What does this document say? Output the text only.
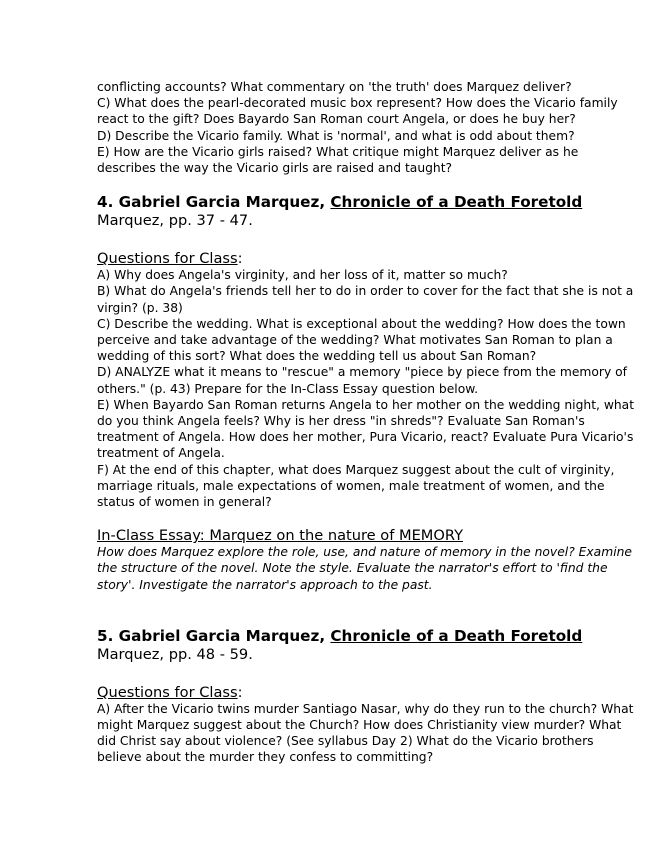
conflicting accounts? What commentary on 'the truth' does Marquez deliver?

C) What does the pearl-decorated music box represent? How does the Vicario family react to the gift? Does Bayardo San Roman court Angela, or does he buy her?

D) Describe the Vicario family. What is 'normal', and what is odd about them?

E) How are the Vicario girls raised? What critique might Marquez deliver as he describes the way the Vicario girls are raised and taught?

4. Gabriel Garcia Marquez, Chronicle of a Death Foretold

Marquez, pp. 37 - 47.

Questions for Class:

A) Why does Angela's virginity, and her loss of it, matter so much?

B) What do Angela's friends tell her to do in order to cover for the fact that she is not a virgin? (p. 38)

C) Describe the wedding. What is exceptional about the wedding? How does the town perceive and take advantage of the wedding? What motivates San Roman to plan a wedding of this sort? What does the wedding tell us about San Roman?

D) ANALYZE what it means to "rescue" a memory "piece by piece from the memory of others." (p. 43) Prepare for the In-Class Essay question below.

E) When Bayardo San Roman returns Angela to her mother on the wedding night, what do you think Angela feels? Why is her dress "in shreds"? Evaluate San Roman's treatment of Angela. How does her mother, Pura Vicario, react? Evaluate Pura Vicario's treatment of Angela.

F) At the end of this chapter, what does Marquez suggest about the cult of virginity, marriage rituals, male expectations of women, male treatment of women, and the status of women in general?

In-Class Essay: Marquez on the nature of MEMORY

How does Marquez explore the role, use, and nature of memory in the novel? Examine the structure of the novel. Note the style. Evaluate the narrator's effort to 'find the story'. Investigate the narrator's approach to the past.

5. Gabriel Garcia Marquez, Chronicle of a Death Foretold

Marquez, pp. 48 - 59.

Questions for Class:

A) After the Vicario twins murder Santiago Nasar, why do they run to the church? What might Marquez suggest about the Church? How does Christianity view murder? What did Christ say about violence? (See syllabus Day 2) What do the Vicario brothers believe about the murder they confess to committing?
